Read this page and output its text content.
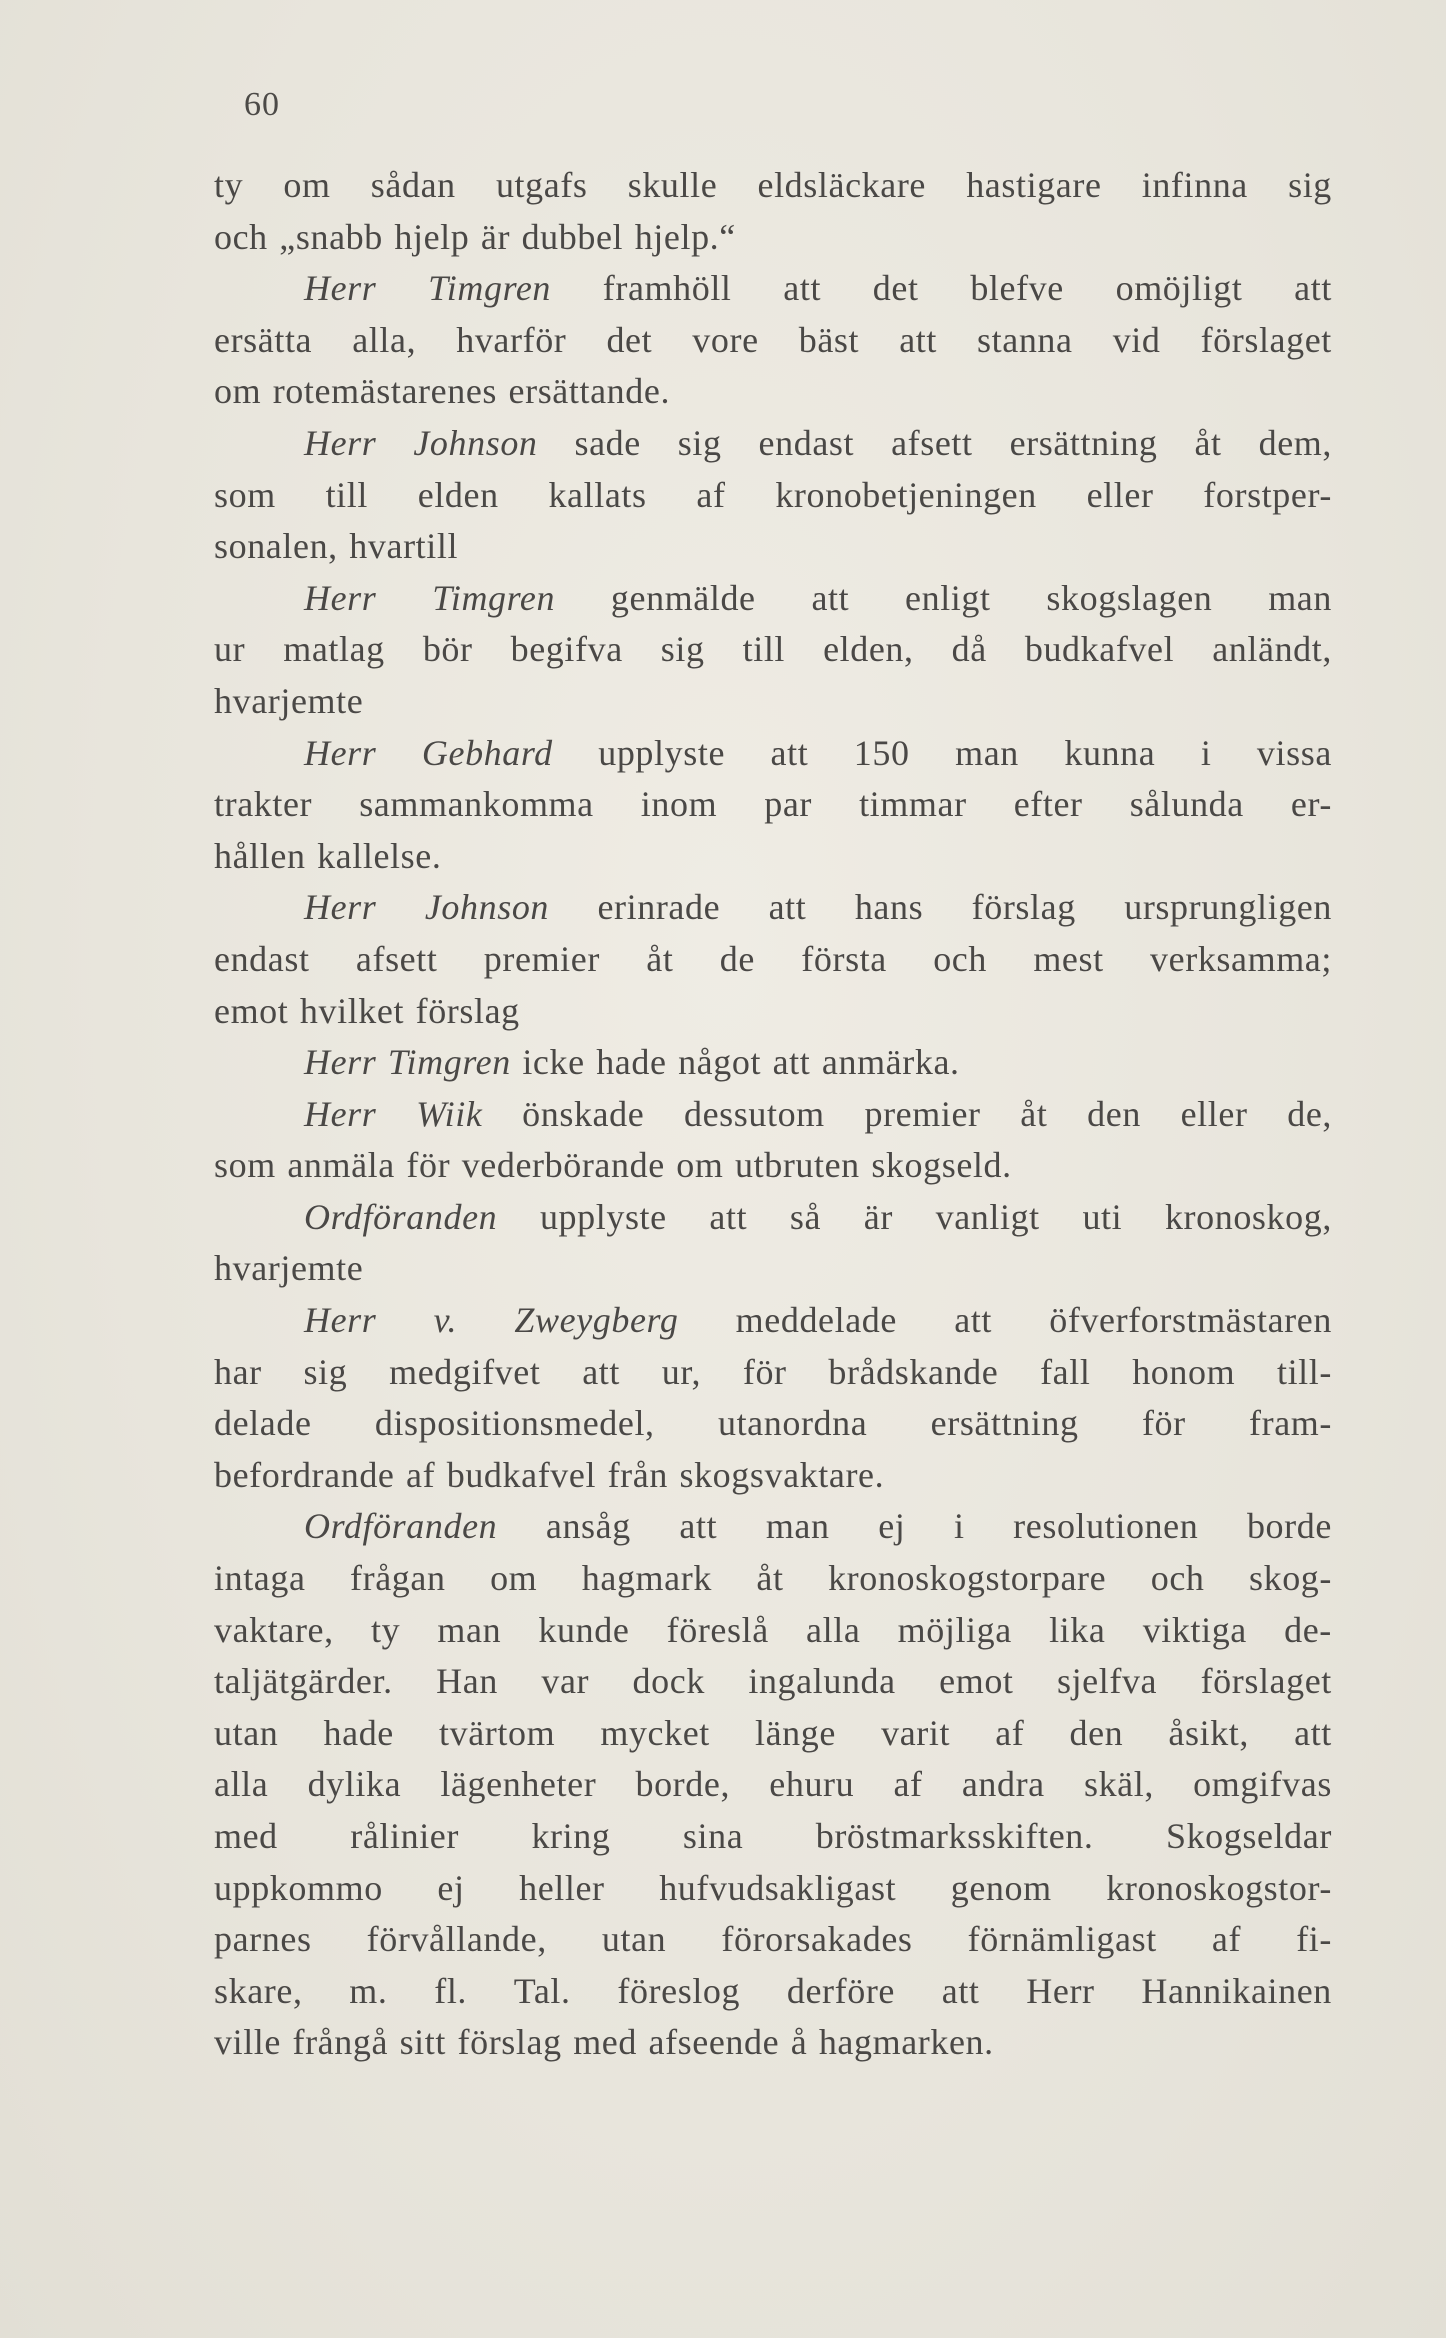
60
ty om sådan utgafs skulle eldsläckare hastigare infinna sig
och „snabb hjelp är dubbel hjelp.“
Herr Timgren framhöll att det blefve omöjligt att
ersätta alla, hvarför det vore bäst att stanna vid förslaget
om rotemästarenes ersättande.
Herr Johnson sade sig endast afsett ersättning åt dem,
som till elden kallats af kronobetjeningen eller forstper-
sonalen, hvartill
Herr Timgren genmälde att enligt skogslagen man
ur matlag bör begifva sig till elden, då budkafvel anländt,
hvarjemte
Herr Gebhard upplyste att 150 man kunna i vissa
trakter sammankomma inom par timmar efter sålunda er-
hållen kallelse.
Herr Johnson erinrade att hans förslag ursprungligen
endast afsett premier åt de första och mest verksamma;
emot hvilket förslag
Herr Timgren icke hade något att anmärka.
Herr Wiik önskade dessutom premier åt den eller de,
som anmäla för vederbörande om utbruten skogseld.
Ordföranden upplyste att så är vanligt uti kronoskog,
hvarjemte
Herr v. Zweygberg meddelade att öfverforstmästaren
har sig medgifvet att ur, för brådskande fall honom till-
delade dispositionsmedel, utanordna ersättning för fram-
befordrande af budkafvel från skogsvaktare.
Ordföranden ansåg att man ej i resolutionen borde
intaga frågan om hagmark åt kronoskogstorpare och skog-
vaktare, ty man kunde föreslå alla möjliga lika viktiga de-
taljätgärder. Han var dock ingalunda emot sjelfva förslaget
utan hade tvärtom mycket länge varit af den åsikt, att
alla dylika lägenheter borde, ehuru af andra skäl, omgifvas
med rålinier kring sina bröstmarksskiften. Skogseldar
uppkommo ej heller hufvudsakligast genom kronoskogstor-
parnes förvållande, utan förorsakades förnämligast af fi-
skare, m. fl. Tal. föreslog derföre att Herr Hannikainen
ville frångå sitt förslag med afseende å hagmarken.
